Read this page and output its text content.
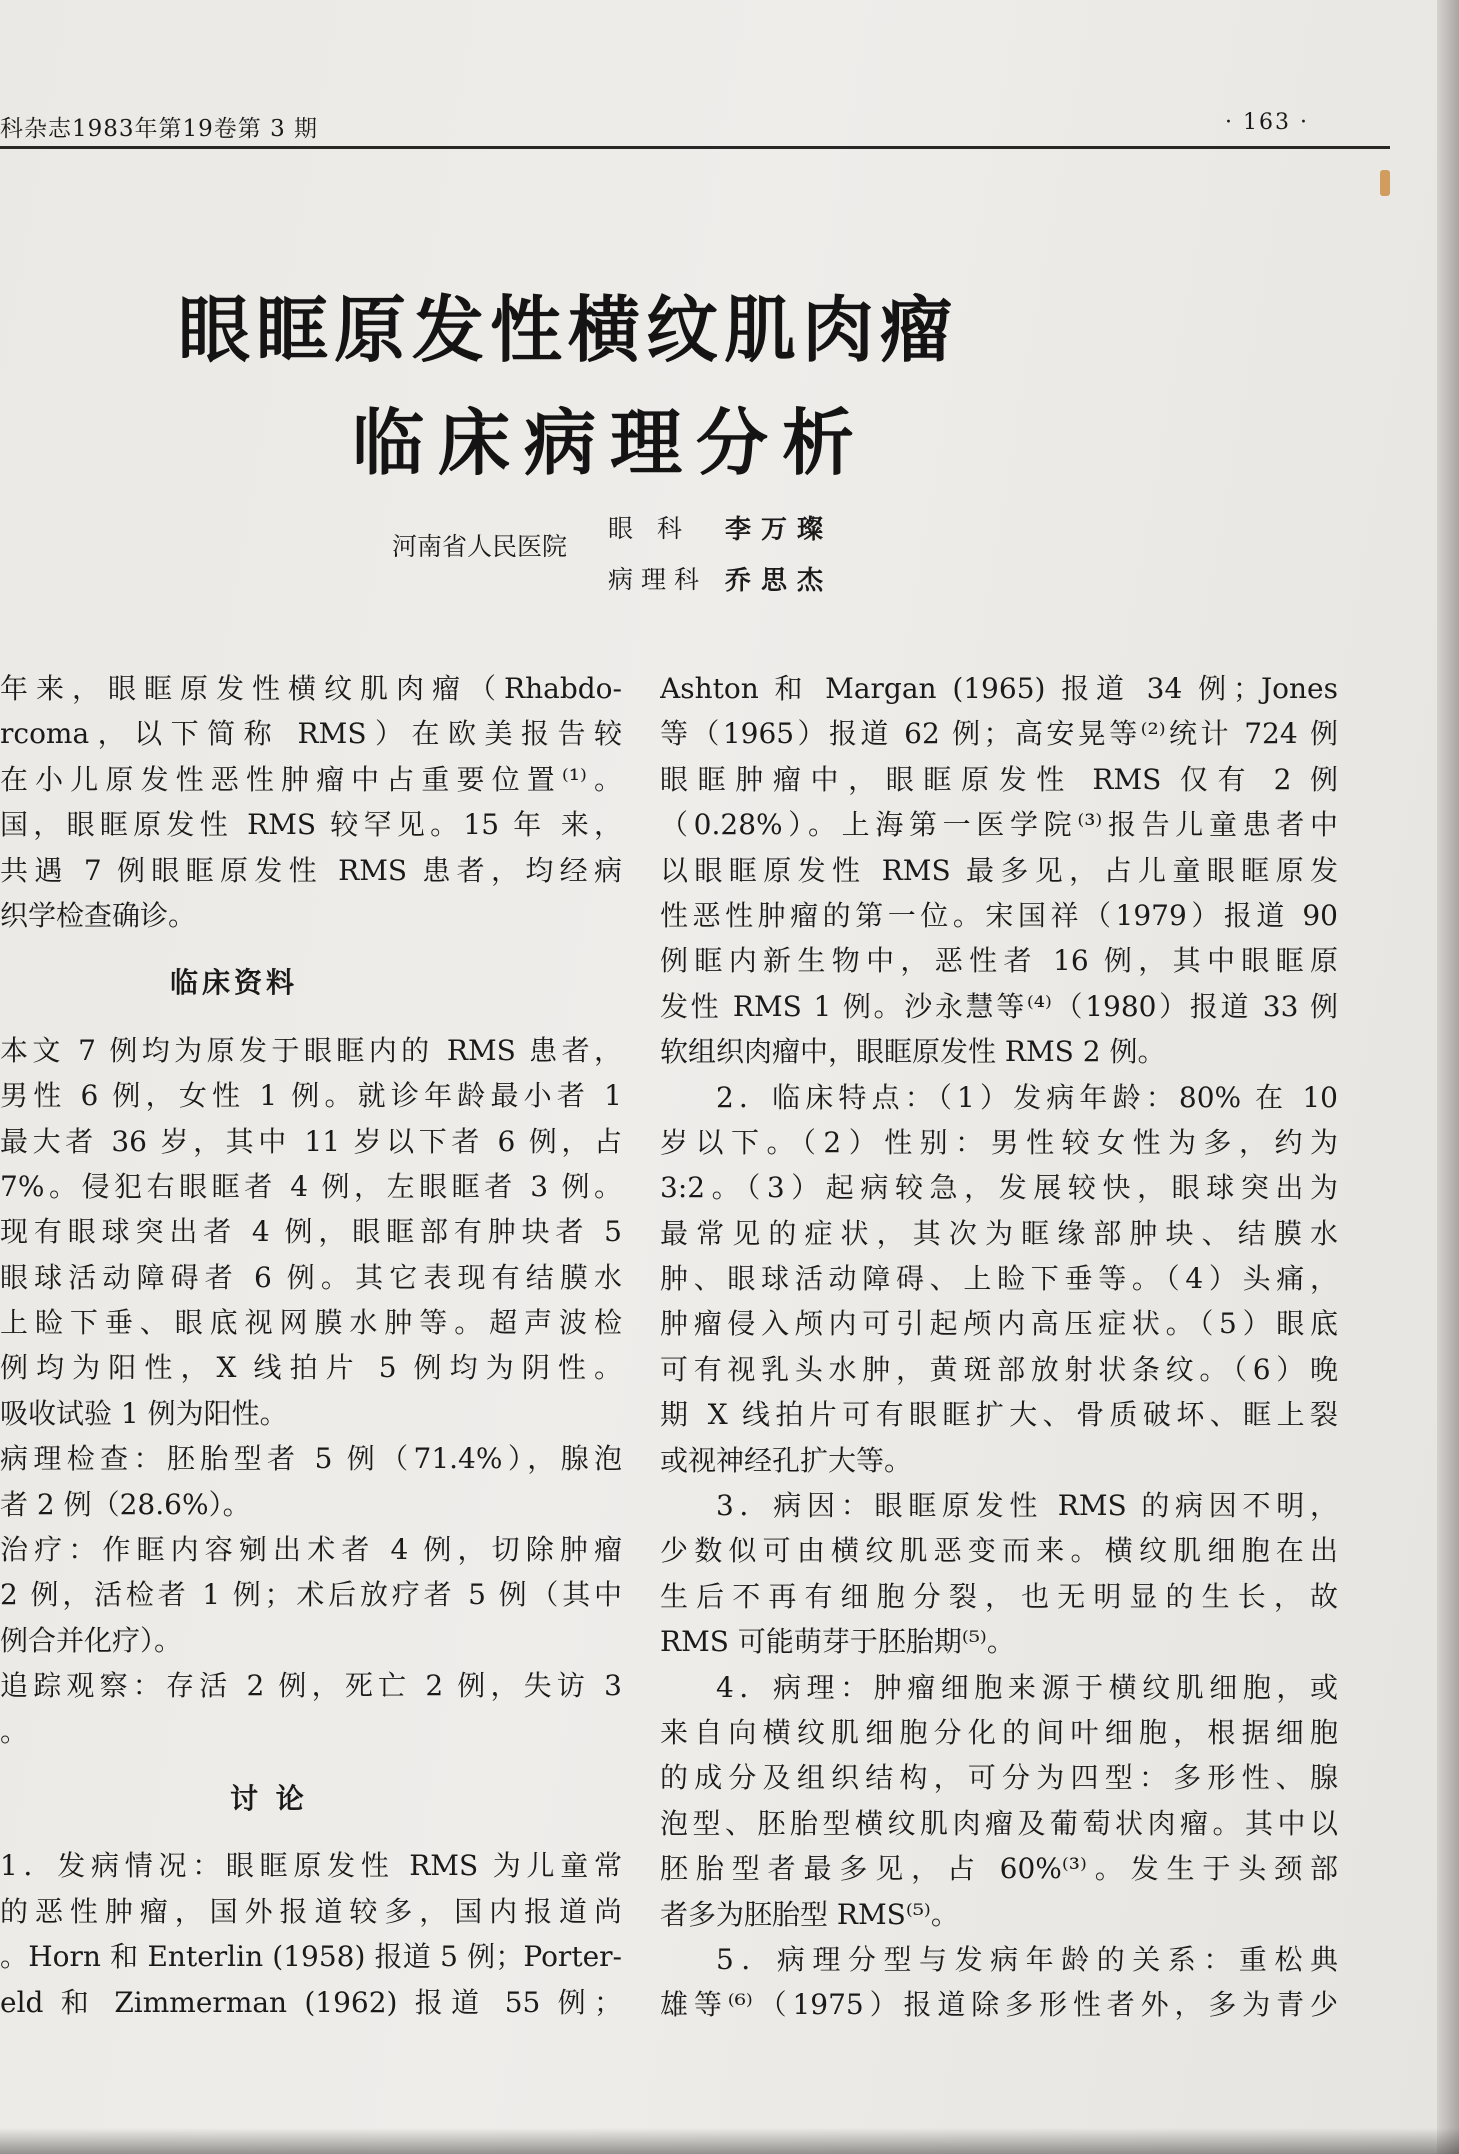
科杂志1983年第19卷第 3 期	· 163 ·
眼眶原发性横纹肌肉瘤
临床病理分析
河南省人民医院
眼 科 李万璨
病理科 乔思杰
年来，眼眶原发性横纹肌肉瘤（Rhabdo-
rcoma，以下简称 RMS）在欧美报告较
在小儿原发性恶性肿瘤中占重要位置⁽¹⁾。
国，眼眶原发性 RMS 较罕见。15 年 来，
共遇 7 例眼眶原发性 RMS 患者，均经病
织学检查确诊。
临床资料
本文 7 例均为原发于眼眶内的 RMS 患者，
男性 6 例，女性 1 例。就诊年龄最小者 1
最大者 36 岁，其中 11 岁以下者 6 例，占
7%。侵犯右眼眶者 4 例，左眼眶者 3 例。
现有眼球突出者 4 例，眼眶部有肿块者 5
眼球活动障碍者 6 例。其它表现有结膜水
上睑下垂、眼底视网膜水肿等。超声波检
例均为阳性，X 线拍片 5 例均为阴性。
吸收试验 1 例为阳性。
病理检查：胚胎型者 5 例（71.4%），腺泡
者 2 例（28.6%）。
治疗：作眶内容剜出术者 4 例，切除肿瘤
2 例，活检者 1 例；术后放疗者 5 例（其中
例合并化疗）。
追踪观察：存活 2 例，死亡 2 例，失访 3
。
讨 论
1．发病情况：眼眶原发性 RMS 为儿童常
的恶性肿瘤，国外报道较多，国内报道尚
。Horn 和 Enterlin (1958) 报道 5 例；Porter-
eld 和 Zimmerman (1962) 报道 55 例；
Ashton 和 Margan (1965) 报道 34 例；Jones
等（1965）报道 62 例；高安晃等⁽²⁾统计 724 例
眼眶肿瘤中，眼眶原发性 RMS 仅有 2 例
（0.28%）。上海第一医学院⁽³⁾报告儿童患者中
以眼眶原发性 RMS 最多见，占儿童眼眶原发
性恶性肿瘤的第一位。宋国祥（1979）报道 90
例眶内新生物中，恶性者 16 例，其中眼眶原
发性 RMS 1 例。沙永慧等⁽⁴⁾（1980）报道 33 例
软组织肉瘤中，眼眶原发性 RMS 2 例。
2．临床特点：（1）发病年龄：80% 在 10
岁以下。（2）性别：男性较女性为多，约为
3:2。（3）起病较急，发展较快，眼球突出为
最常见的症状，其次为眶缘部肿块、结膜水
肿、眼球活动障碍、上睑下垂等。（4）头痛，
肿瘤侵入颅内可引起颅内高压症状。（5）眼底
可有视乳头水肿，黄斑部放射状条纹。（6）晚
期 X 线拍片可有眼眶扩大、骨质破坏、眶上裂
或视神经孔扩大等。
3．病因：眼眶原发性 RMS 的病因不明，
少数似可由横纹肌恶变而来。横纹肌细胞在出
生后不再有细胞分裂，也无明显的生长，故
RMS 可能萌芽于胚胎期⁽⁵⁾。
4．病理：肿瘤细胞来源于横纹肌细胞，或
来自向横纹肌细胞分化的间叶细胞，根据细胞
的成分及组织结构，可分为四型：多形性、腺
泡型、胚胎型横纹肌肉瘤及葡萄状肉瘤。其中以
胚胎型者最多见，占 60%⁽³⁾。发生于头颈部
者多为胚胎型 RMS⁽⁵⁾。
5．病理分型与发病年龄的关系：重松典
雄等⁽⁶⁾（1975）报道除多形性者外，多为青少
